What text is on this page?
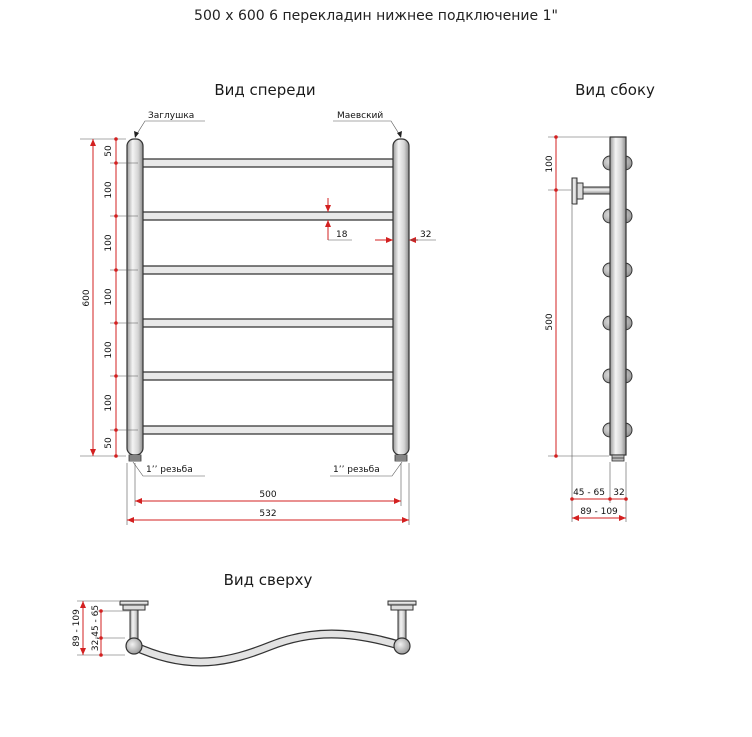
500 x 600 6 перекладин нижнее подключение 1"
Вид спереди	Вид сбоку
Вид сверху
Заглушка	Маевский
1’’ резьба	1’’ резьба
600
50
100
100
100
100
100
50
18	32
500
532
100
500
45 - 65 32
89 - 109
89 - 109 32,45 - 65
